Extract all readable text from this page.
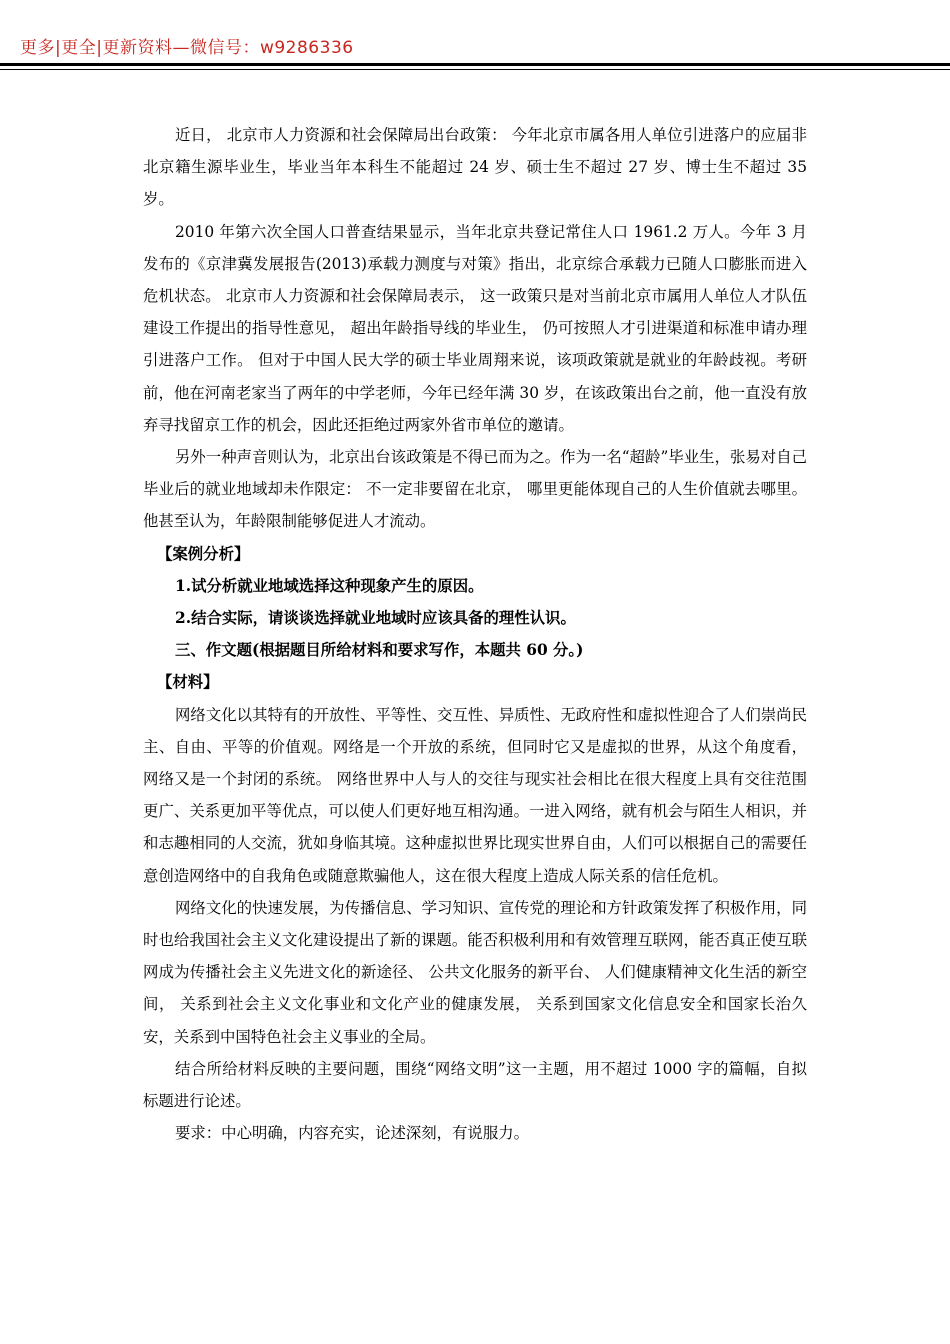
更多|更全|更新资料—微信号：w9286336

近日， 北京市人力资源和社会保障局出台政策： 今年北京市属各用人单位引进落户的应届非北京籍生源毕业生，毕业当年本科生不能超过 24 岁、硕士生不超过 27 岁、博士生不超过 35 岁。

2010 年第六次全国人口普查结果显示，当年北京共登记常住人口 1961.2 万人。今年 3 月发布的《京津冀发展报告(2013)承载力测度与对策》指出，北京综合承载力已随人口膨胀而进入危机状态。 北京市人力资源和社会保障局表示， 这一政策只是对当前北京市属用人单位人才队伍建设工作提出的指导性意见， 超出年龄指导线的毕业生， 仍可按照人才引进渠道和标准申请办理引进落户工作。 但对于中国人民大学的硕士毕业周翔来说，该项政策就是就业的年龄歧视。考研前，他在河南老家当了两年的中学老师，今年已经年满 30 岁，在该政策出台之前，他一直没有放弃寻找留京工作的机会，因此还拒绝过两家外省市单位的邀请。

另外一种声音则认为，北京出台该政策是不得已而为之。作为一名“超龄”毕业生，张易对自己毕业后的就业地域却未作限定： 不一定非要留在北京， 哪里更能体现自己的人生价值就去哪里。他甚至认为，年龄限制能够促进人才流动。

【案例分析】

1.试分析就业地域选择这种现象产生的原因。

2.结合实际，请谈谈选择就业地域时应该具备的理性认识。

三、作文题(根据题目所给材料和要求写作，本题共 60 分。)

【材料】

网络文化以其特有的开放性、平等性、交互性、异质性、无政府性和虚拟性迎合了人们崇尚民主、自由、平等的价值观。网络是一个开放的系统，但同时它又是虚拟的世界，从这个角度看， 网络又是一个封闭的系统。 网络世界中人与人的交往与现实社会相比在很大程度上具有交往范围更广、关系更加平等优点，可以使人们更好地互相沟通。一进入网络，就有机会与陌生人相识，并和志趣相同的人交流，犹如身临其境。这种虚拟世界比现实世界自由，人们可以根据自己的需要任意创造网络中的自我角色或随意欺骗他人，这在很大程度上造成人际关系的信任危机。

网络文化的快速发展，为传播信息、学习知识、宣传党的理论和方针政策发挥了积极作用，同时也给我国社会主义文化建设提出了新的课题。能否积极利用和有效管理互联网，能否真正使互联网成为传播社会主义先进文化的新途径、 公共文化服务的新平台、 人们健康精神文化生活的新空间， 关系到社会主义文化事业和文化产业的健康发展， 关系到国家文化信息安全和国家长治久安，关系到中国特色社会主义事业的全局。

结合所给材料反映的主要问题，围绕“网络文明”这一主题，用不超过 1000 字的篇幅，自拟标题进行论述。

要求：中心明确，内容充实，论述深刻，有说服力。
